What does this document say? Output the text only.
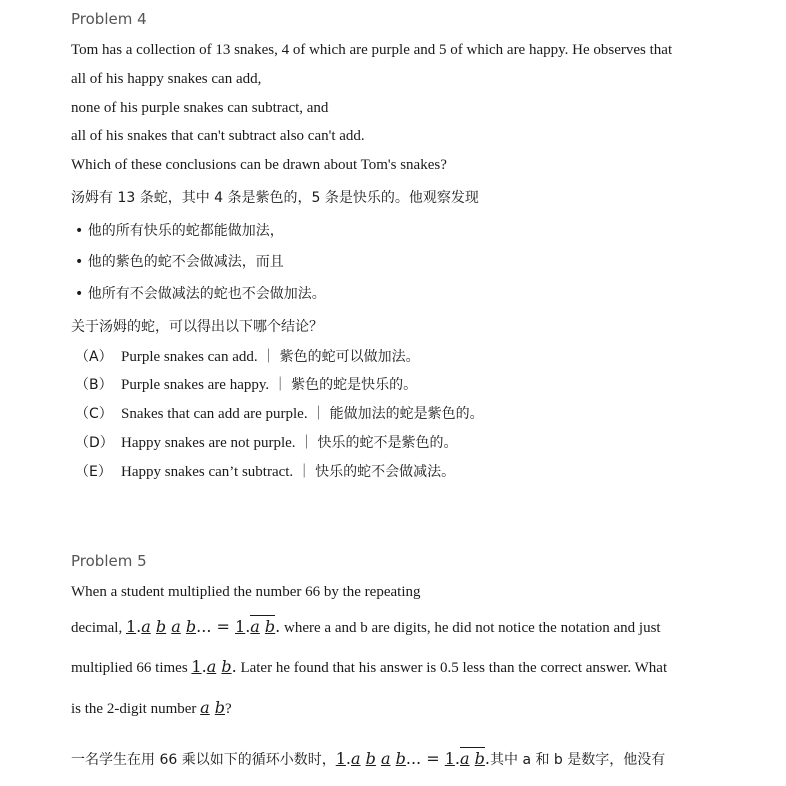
Problem 4
Tom has a collection of 13 snakes, 4 of which are purple and 5 of which are happy. He observes that
all of his happy snakes can add,
none of his purple snakes can subtract, and
all of his snakes that can't subtract also can't add.
Which of these conclusions can be drawn about Tom's snakes?
汤姆有 13 条蛇，其中 4 条是紫色的，5 条是快乐的。他观察发现
• 他的所有快乐的蛇都能做加法，
• 他的紫色的蛇不会做减法，而且
• 他所有不会做减法的蛇也不会做加法。
关于汤姆的蛇，可以得出以下哪个结论？
（A） Purple snakes can add. ｜ 紫色的蛇可以做加法。
（B） Purple snakes are happy. ｜ 紫色的蛇是快乐的。
（C） Snakes that can add are purple. ｜ 能做加法的蛇是紫色的。
（D） Happy snakes are not purple. ｜ 快乐的蛇不是紫色的。
（E） Happy snakes can’t subtract. ｜ 快乐的蛇不会做减法。
Problem 5
When a student multiplied the number 66 by the repeating
decimal, 1.a b a b... = 1.a b. where a and b are digits, he did not notice the notation and just
multiplied 66 times 1.a b. Later he found that his answer is 0.5 less than the correct answer. What
is the 2-digit number a b?
一名学生在用 66 乘以如下的循环小数时，1.a b a b... = 1.a b.其中 a 和 b 是数字，他没有
